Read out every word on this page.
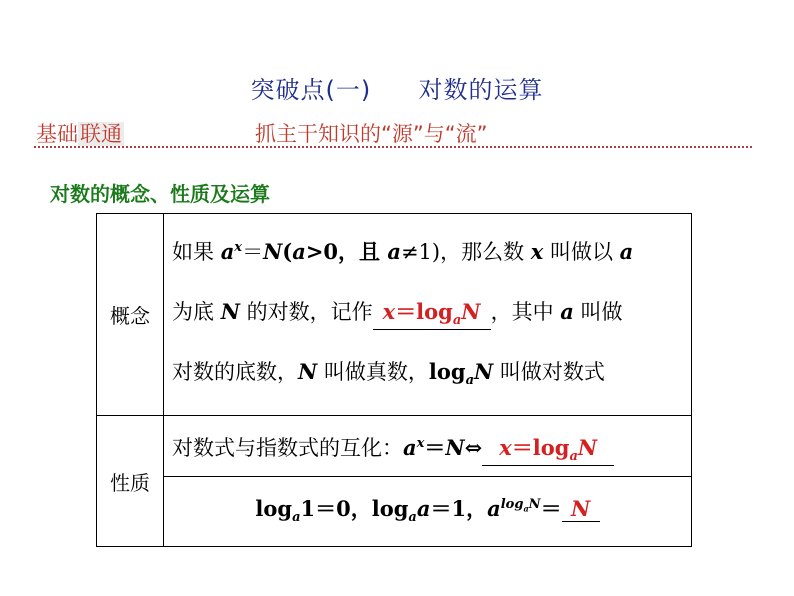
突破点(一) 对数的运算
基础联通	抓主干知识的“源”与“流”
对数的概念、性质及运算
概念	如果 $a^x=N(a>0$，且 a≠1)，那么数 x 叫做以 a
为底 N 的对数，记作 $x=\log_aN$ ，其中 a 叫做
对数的底数，N 叫做真数，$\log_aN$ 叫做对数式

性质	对数式与指数式的互化：$a^x=N\Leftrightarrow$ $x=\log_aN$
	$\log_a1=0$，$\log_aa=1$，$a^{log_aN}= N$
